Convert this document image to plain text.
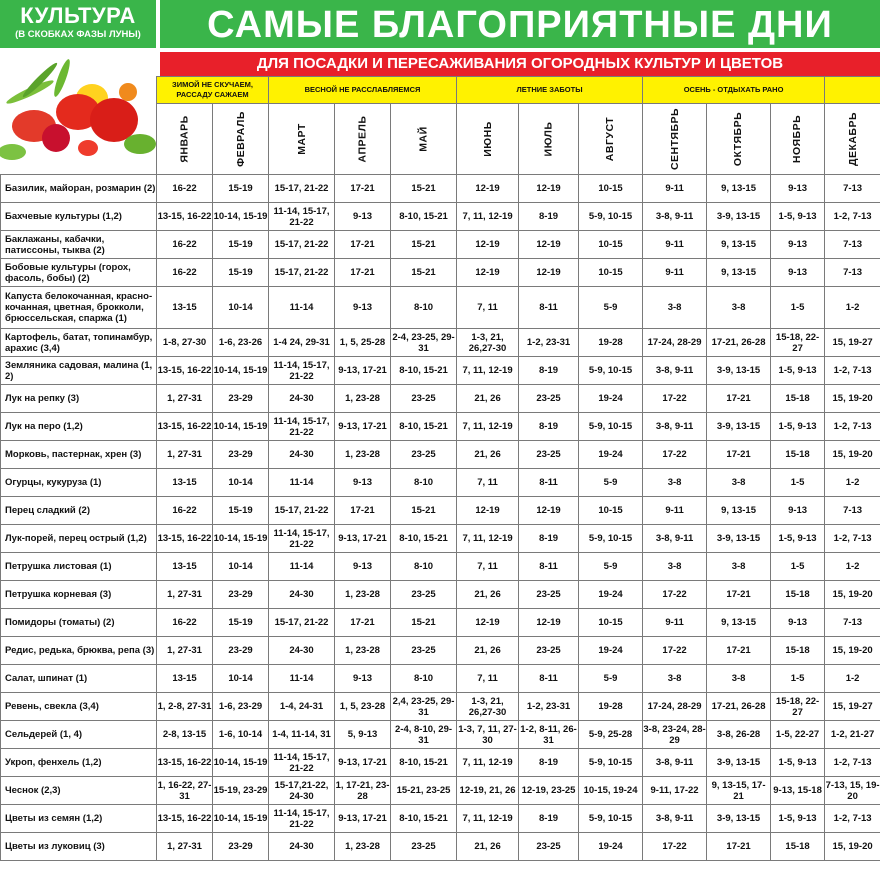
КУЛЬТУРА
(В СКОБКАХ ФАЗЫ ЛУНЫ)	САМЫЕ БЛАГОПРИЯТНЫЕ ДНИ
ДЛЯ ПОСАДКИ И ПЕРЕСАЖИВАНИЯ ОГОРОДНЫХ КУЛЬТУР И ЦВЕТОВ
	ЗИМОЙ НЕ СКУЧАЕМ, РАССАДУ САЖАЕМ		ВЕСНОЙ НЕ РАССЛАБЛЯЕМСЯ			ЛЕТНИЕ ЗАБОТЫ			ОСЕНЬ - ОТДЫХАТЬ РАНО			
	ЯНВАРЬ	ФЕВРАЛЬ	МАРТ	АПРЕЛЬ	МАЙ	ИЮНЬ	ИЮЛЬ	АВГУСТ	СЕНТЯБРЬ	ОКТЯБРЬ	НОЯБРЬ	ДЕКАБРЬ
Базилик, майоран, розмарин (2)	16-22	15-19	15-17, 21-22	17-21	15-21	12-19	12-19	10-15	9-11	9, 13-15	9-13	7-13
Бахчевые культуры (1,2)	13-15, 16-22	10-14, 15-19	11-14, 15-17, 21-22	9-13	8-10, 15-21	7, 11, 12-19	8-19	5-9, 10-15	3-8, 9-11	3-9, 13-15	1-5, 9-13	1-2, 7-13
Баклажаны, кабачки, патиссоны, тыква (2)	16-22	15-19	15-17, 21-22	17-21	15-21	12-19	12-19	10-15	9-11	9, 13-15	9-13	7-13
Бобовые культуры (горох, фасоль, бобы) (2)	16-22	15-19	15-17, 21-22	17-21	15-21	12-19	12-19	10-15	9-11	9, 13-15	9-13	7-13
Капуста белокочанная, красно-кочанная, цветная, брокколи, брюссельская, спаржа (1)	13-15	10-14	11-14	9-13	8-10	7, 11	8-11	5-9	3-8	3-8	1-5	1-2
Картофель, батат, топинамбур, арахис (3,4)	1-8, 27-30	1-6, 23-26	1-4 24, 29-31	1, 5, 25-28	2-4, 23-25, 29-31	1-3, 21, 26,27-30	1-2, 23-31	19-28	17-24, 28-29	17-21, 26-28	15-18, 22-27	15, 19-27
Земляника садовая, малина (1, 2)	13-15, 16-22	10-14, 15-19	11-14, 15-17, 21-22	9-13, 17-21	8-10, 15-21	7, 11, 12-19	8-19	5-9, 10-15	3-8, 9-11	3-9, 13-15	1-5, 9-13	1-2, 7-13
Лук на репку (3)	1, 27-31	23-29	24-30	1, 23-28	23-25	21, 26	23-25	19-24	17-22	17-21	15-18	15, 19-20
Лук на перо (1,2)	13-15, 16-22	10-14, 15-19	11-14, 15-17, 21-22	9-13, 17-21	8-10, 15-21	7, 11, 12-19	8-19	5-9, 10-15	3-8, 9-11	3-9, 13-15	1-5, 9-13	1-2, 7-13
Морковь, пастернак, хрен (3)	1, 27-31	23-29	24-30	1, 23-28	23-25	21, 26	23-25	19-24	17-22	17-21	15-18	15, 19-20
Огурцы, кукуруза (1)	13-15	10-14	11-14	9-13	8-10	7, 11	8-11	5-9	3-8	3-8	1-5	1-2
Перец сладкий (2)	16-22	15-19	15-17, 21-22	17-21	15-21	12-19	12-19	10-15	9-11	9, 13-15	9-13	7-13
Лук-порей, перец острый (1,2)	13-15, 16-22	10-14, 15-19	11-14, 15-17, 21-22	9-13, 17-21	8-10, 15-21	7, 11, 12-19	8-19	5-9, 10-15	3-8, 9-11	3-9, 13-15	1-5, 9-13	1-2, 7-13
Петрушка листовая (1)	13-15	10-14	11-14	9-13	8-10	7, 11	8-11	5-9	3-8	3-8	1-5	1-2
Петрушка корневая (3)	1, 27-31	23-29	24-30	1, 23-28	23-25	21, 26	23-25	19-24	17-22	17-21	15-18	15, 19-20
Помидоры (томаты) (2)	16-22	15-19	15-17, 21-22	17-21	15-21	12-19	12-19	10-15	9-11	9, 13-15	9-13	7-13
Редис, редька, брюква, репа (3)	1, 27-31	23-29	24-30	1, 23-28	23-25	21, 26	23-25	19-24	17-22	17-21	15-18	15, 19-20
Салат, шпинат (1)	13-15	10-14	11-14	9-13	8-10	7, 11	8-11	5-9	3-8	3-8	1-5	1-2
Ревень, свекла (3,4)	1, 2-8, 27-31	1-6, 23-29	1-4, 24-31	1, 5, 23-28	2,4, 23-25, 29-31	1-3, 21, 26,27-30	1-2, 23-31	19-28	17-24, 28-29	17-21, 26-28	15-18, 22-27	15, 19-27
Сельдерей (1, 4)	2-8, 13-15	1-6, 10-14	1-4, 11-14, 31	5, 9-13	2-4, 8-10, 29-31	1-3, 7, 11, 27-30	1-2, 8-11, 26-31	5-9, 25-28	3-8, 23-24, 28-29	3-8, 26-28	1-5, 22-27	1-2, 21-27
Укроп, фенхель (1,2)	13-15, 16-22	10-14, 15-19	11-14, 15-17, 21-22	9-13, 17-21	8-10, 15-21	7, 11, 12-19	8-19	5-9, 10-15	3-8, 9-11	3-9, 13-15	1-5, 9-13	1-2, 7-13
Чеснок (2,3)	1, 16-22, 27-31	15-19, 23-29	15-17,21-22, 24-30	1, 17-21, 23-28	15-21, 23-25	12-19, 21, 26	12-19, 23-25	10-15, 19-24	9-11, 17-22	9, 13-15, 17-21	9-13, 15-18	7-13, 15, 19-20
Цветы из семян (1,2)	13-15, 16-22	10-14, 15-19	11-14, 15-17, 21-22	9-13, 17-21	8-10, 15-21	7, 11, 12-19	8-19	5-9, 10-15	3-8, 9-11	3-9, 13-15	1-5, 9-13	1-2, 7-13
Цветы из луковиц (3)	1, 27-31	23-29	24-30	1, 23-28	23-25	21, 26	23-25	19-24	17-22	17-21	15-18	15, 19-20
